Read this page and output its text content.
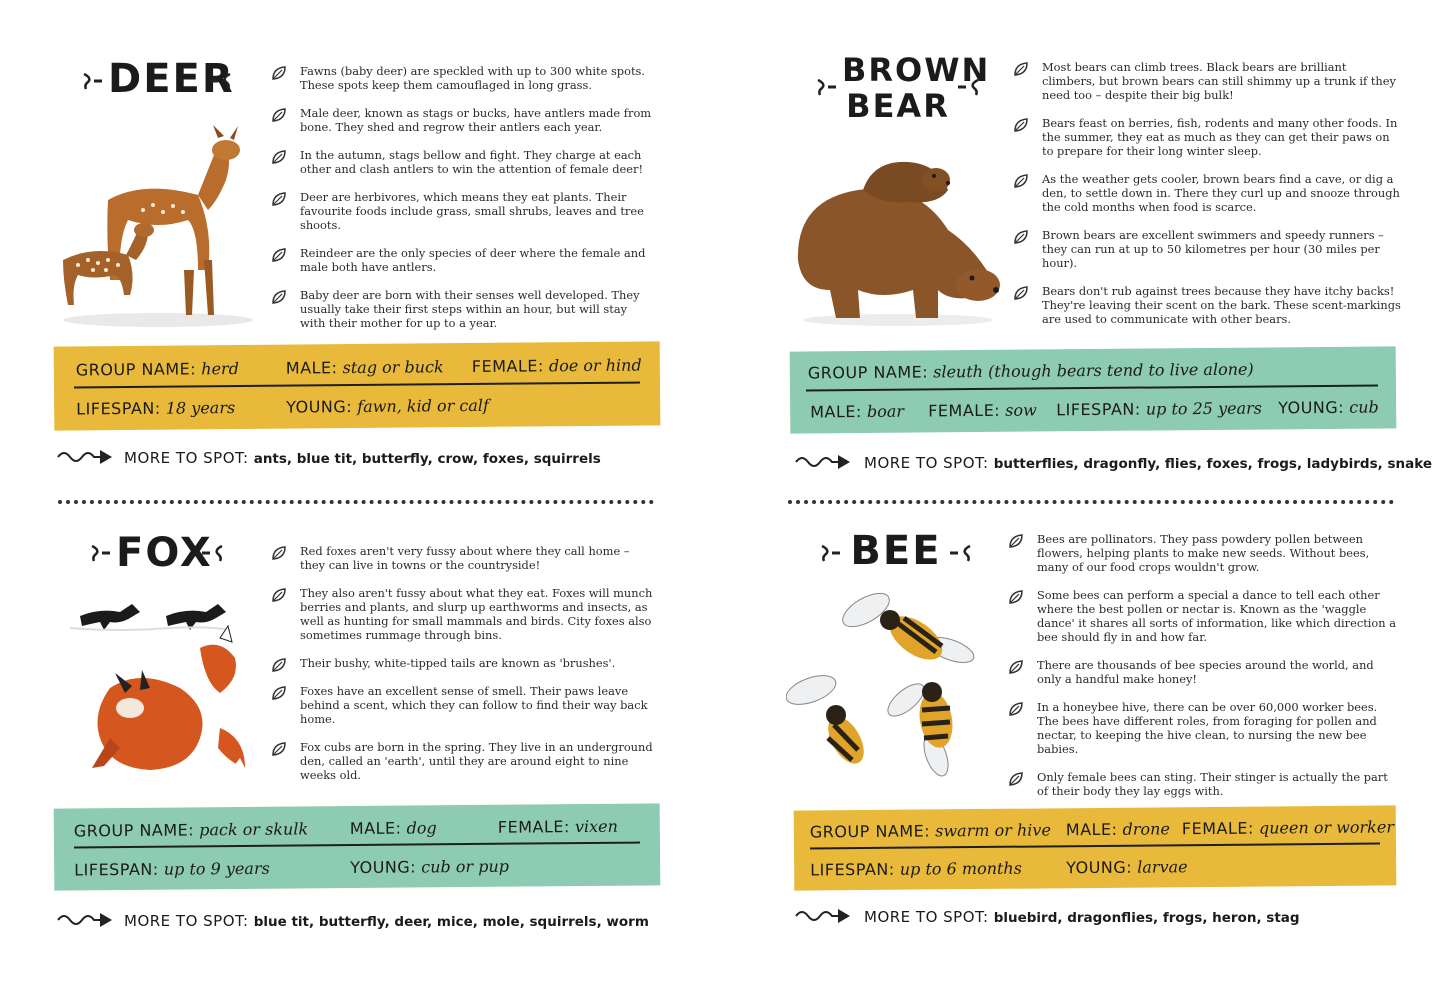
DEER	Fawns (baby deer) are speckled with up to 300 white spots. These spots keep them camouflaged in long grass.
Male deer, known as stags or bucks, have antlers made from bone. They shed and regrow their antlers each year.
In the autumn, stags bellow and fight. They charge at each other and clash antlers to win the attention of female deer!
Deer are herbivores, which means they eat plants. Their favourite foods include grass, small shrubs, leaves and tree shoots.
Reindeer are the only species of deer where the female and male both have antlers.
Baby deer are born with their senses well developed. They usually take their first steps within an hour, but will stay with their mother for up to a year.
GROUP NAME: herd	MALE: stag or buck FEMALE: doe or hind
LIFESPAN: 18 years	YOUNG: fawn, kid or calf
MORE TO SPOT: ants, blue tit, butterfly, crow, foxes, squirrels
BROWN
BEAR
Most bears can climb trees. Black bears are brilliant climbers, but brown bears can still shimmy up a trunk if they need too – despite their big bulk!
Bears feast on berries, fish, rodents and many other foods. In the summer, they eat as much as they can get their paws on to prepare for their long winter sleep.
As the weather gets cooler, brown bears find a cave, or dig a den, to settle down in. There they curl up and snooze through the cold months when food is scarce.
Brown bears are excellent swimmers and speedy runners – they can run at up to 50 kilometres per hour (30 miles per hour).
Bears don't rub against trees because they have itchy backs! They're leaving their scent on the bark. These scent-markings are used to communicate with other bears.
GROUP NAME: sleuth (though bears tend to live alone)
MALE: boar FEMALE: sow LIFESPAN: up to 25 years YOUNG: cub
MORE TO SPOT: butterflies, dragonfly, flies, foxes, frogs, ladybirds, snake
FOX	Red foxes aren't very fussy about where they call home – they can live in towns or the countryside!
They also aren't fussy about what they eat. Foxes will munch berries and plants, and slurp up earthworms and insects, as well as hunting for small mammals and birds. City foxes also sometimes rummage through bins.
Their bushy, white-tipped tails are known as 'brushes'.
Foxes have an excellent sense of smell. Their paws leave behind a scent, which they can follow to find their way back home.
Fox cubs are born in the spring. They live in an underground den, called an 'earth', until they are around eight to nine weeks old.
GROUP NAME: pack or skulk	MALE: dog	FEMALE: vixen
LIFESPAN: up to 9 years	YOUNG: cub or pup
MORE TO SPOT: blue tit, butterfly, deer, mice, mole, squirrels, worm
BEE	Bees are pollinators. They pass powdery pollen between flowers, helping plants to make new seeds. Without bees, many of our food crops wouldn't grow.
Some bees can perform a special a dance to tell each other where the best pollen or nectar is. Known as the 'waggle dance' it shares all sorts of information, like which direction a bee should fly in and how far.
There are thousands of bee species around the world, and only a handful make honey!
In a honeybee hive, there can be over 60,000 worker bees. The bees have different roles, from foraging for pollen and nectar, to keeping the hive clean, to nursing the new bee babies.
Only female bees can sting. Their stinger is actually the part of their body they lay eggs with.
GROUP NAME: swarm or hive MALE: drone FEMALE: queen or worker
LIFESPAN: up to 6 months	YOUNG: larvae
MORE TO SPOT: bluebird, dragonflies, frogs, heron, stag
